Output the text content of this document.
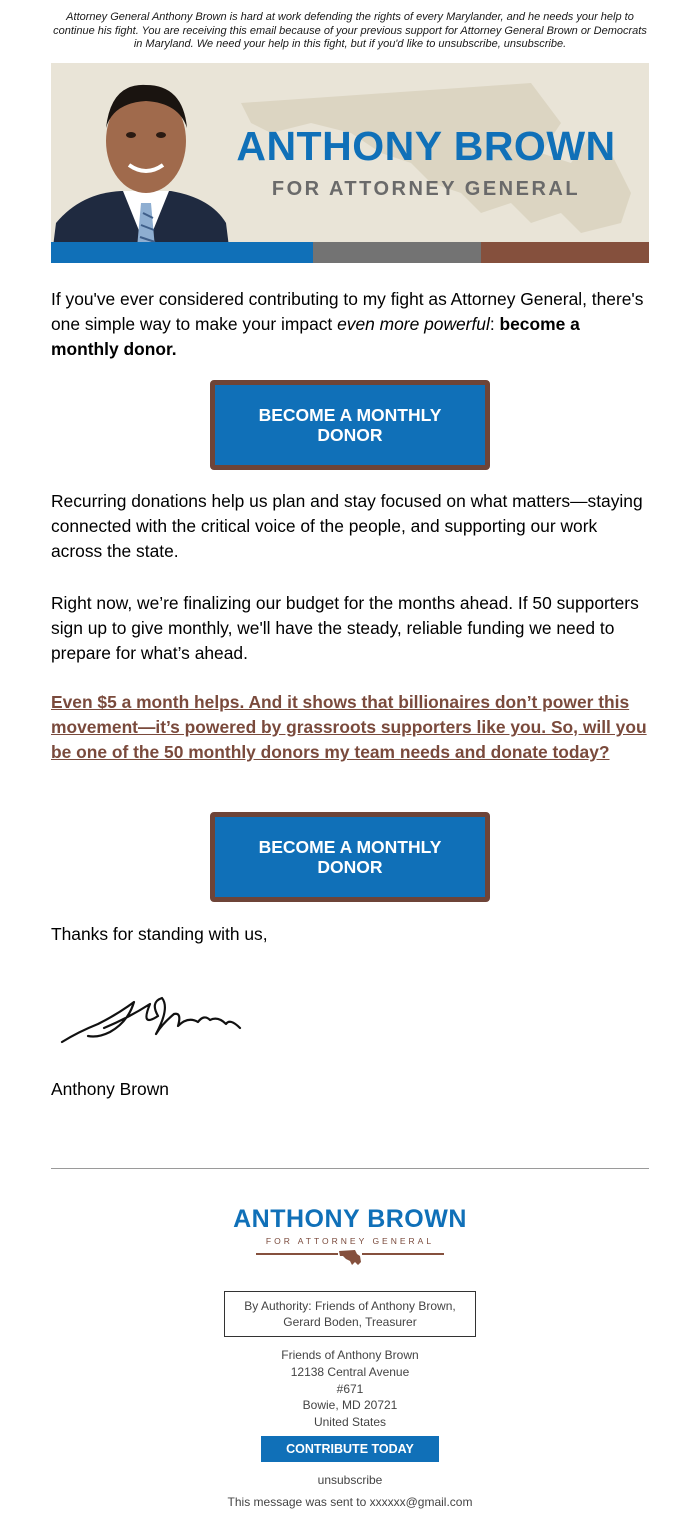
Attorney General Anthony Brown is hard at work defending the rights of every Marylander, and he needs your help to continue his fight. You are receiving this email because of your previous support for Attorney General Brown or Democrats in Maryland. We need your help in this fight, but if you'd like to unsubscribe, unsubscribe.
ANTHONY BROWN
FOR ATTORNEY GENERAL

If you've ever considered contributing to my fight as Attorney General, there's one simple way to make your impact even more powerful: become a monthly donor.

BECOME A MONTHLY DONOR

Recurring donations help us plan and stay focused on what matters—staying connected with the critical voice of the people, and supporting our work across the state.

Right now, we’re finalizing our budget for the months ahead. If 50 supporters sign up to give monthly, we'll have the steady, reliable funding we need to prepare for what’s ahead.

Even $5 a month helps. And it shows that billionaires don’t power this movement—it’s powered by grassroots supporters like you. So, will you be one of the 50 monthly donors my team needs and donate today?

BECOME A MONTHLY DONOR

Thanks for standing with us,

Anthony Brown
ANTHONY BROWN
FOR ATTORNEY GENERAL
By Authority: Friends of Anthony Brown,
Gerard Boden, Treasurer
Friends of Anthony Brown
12138 Central Avenue
#671
Bowie, MD 20721
United States
CONTRIBUTE TODAY
unsubscribe
This message was sent to xxxxxx@gmail.com
